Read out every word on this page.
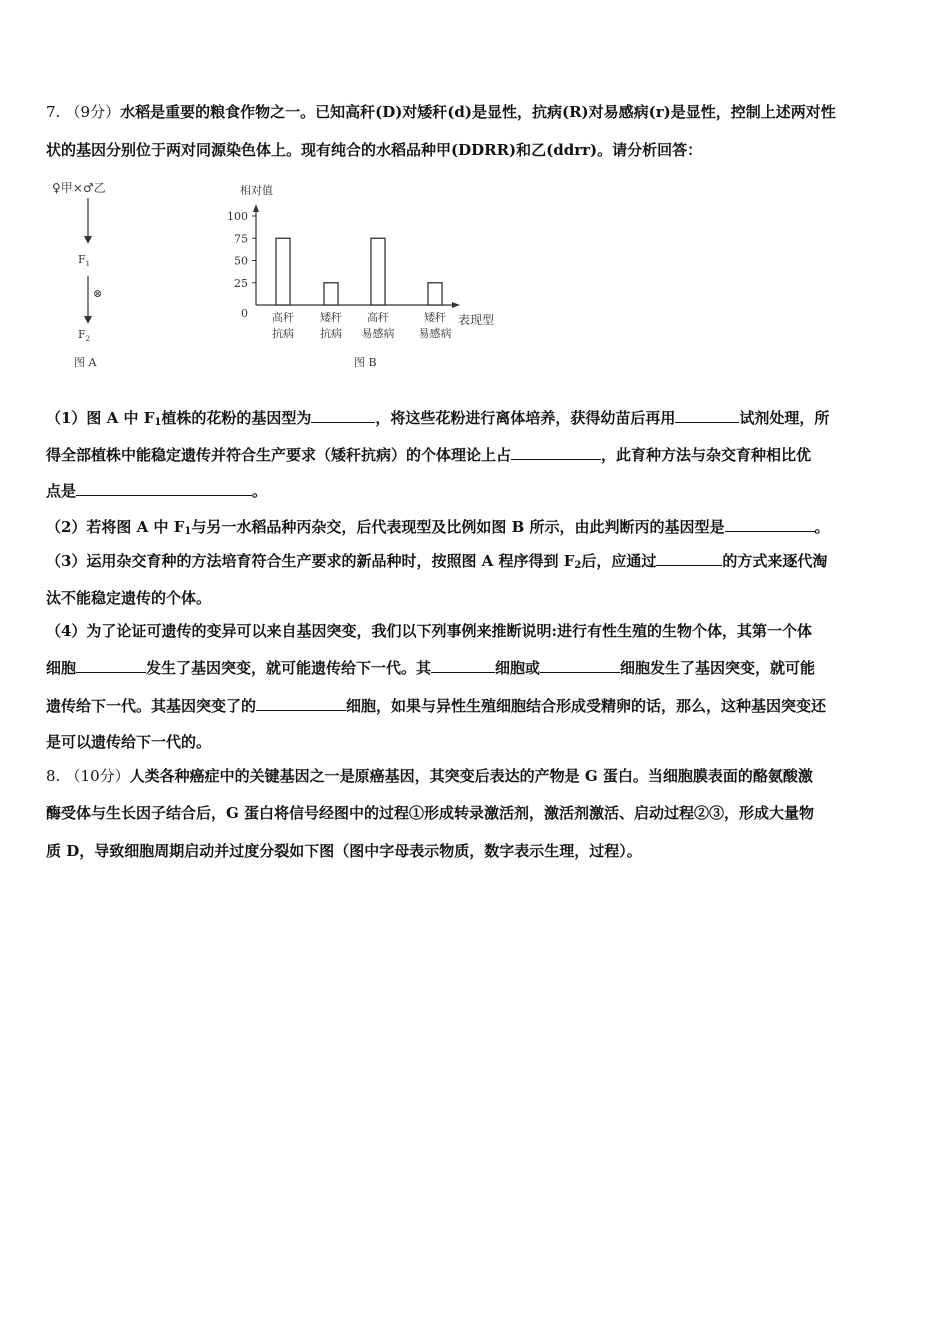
7. （9分）水稻是重要的粮食作物之一。已知高秆(D)对矮秆(d)是显性，抗病(R)对易感病(r)是显性，控制上述两对性
状的基因分别位于两对同源染色体上。现有纯合的水稻品种甲(DDRR)和乙(ddrr)。请分析回答：
♀甲×♂乙
$F_1$
⊗
$F_2$
图 A
相对值
表现型
图 B
100
75
50
25
0 高秆
抗病
矮秆
抗病
高秆
易感病
矮秆
易感病
（1）图 A 中 $F_1$植株的花粉的基因型为	，将这些花粉进行离体培养，获得幼苗后再用	试剂处理，所
得全部植株中能稳定遗传并符合生产要求（矮秆抗病）的个体理论上占	，此育种方法与杂交育种相比优
点是	。
（2）若将图 A 中 $F_1$与另一水稻品种丙杂交，后代表现型及比例如图 B 所示，由此判断丙的基因型是	。
（3）运用杂交育种的方法培育符合生产要求的新品种时，按照图 A 程序得到 $F_2$后，应通过	的方式来逐代淘
汰不能稳定遗传的个体。
（4）为了论证可遗传的变异可以来自基因突变，我们以下列事例来推断说明:进行有性生殖的生物个体，其第一个体
细胞	发生了基因突变，就可能遗传给下一代。其	细胞或	细胞发生了基因突变，就可能
遗传给下一代。其基因突变了的	细胞，如果与异性生殖细胞结合形成受精卵的话，那么，这种基因突变还
是可以遗传给下一代的。
8. （10分）人类各种癌症中的关键基因之一是原癌基因，其突变后表达的产物是 G 蛋白。当细胞膜表面的酪氨酸激
酶受体与生长因子结合后，G 蛋白将信号经图中的过程①形成转录激活剂，激活剂激活、启动过程②③，形成大量物
质 D，导致细胞周期启动并过度分裂如下图（图中字母表示物质，数字表示生理，过程）。
